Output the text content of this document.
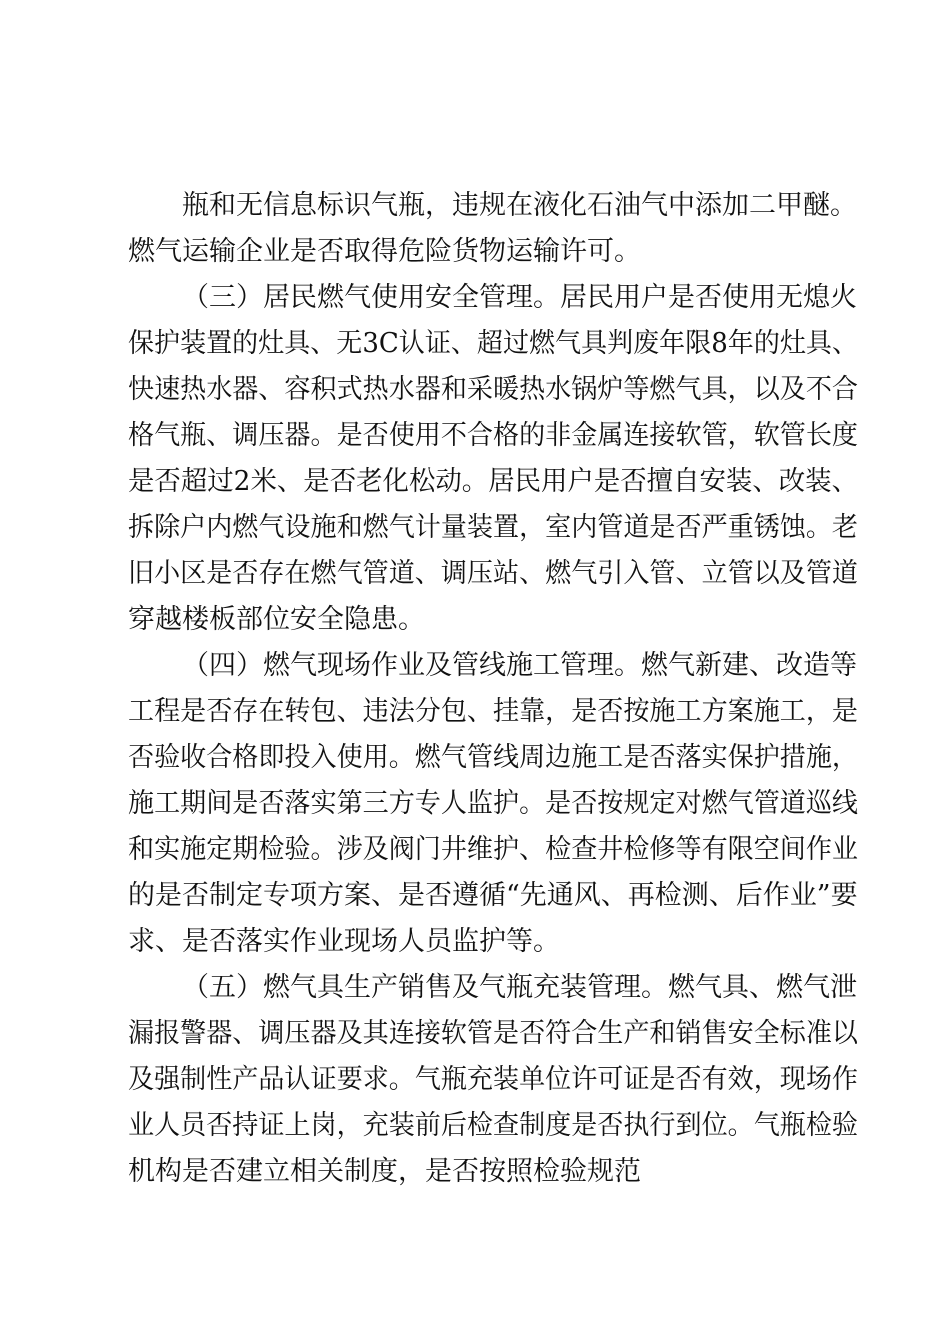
瓶和无信息标识气瓶，违规在液化石油气中添加二甲醚。
燃气运输企业是否取得危险货物运输许可。
（三）居民燃气使用安全管理。居民用户是否使用无熄火
保护装置的灶具、无3C认证、超过燃气具判废年限8年的灶具、
快速热水器、容积式热水器和采暖热水锅炉等燃气具，以及不合
格气瓶、调压器。是否使用不合格的非金属连接软管，软管长度
是否超过2米、是否老化松动。居民用户是否擅自安装、改装、
拆除户内燃气设施和燃气计量装置，室内管道是否严重锈蚀。老
旧小区是否存在燃气管道、调压站、燃气引入管、立管以及管道
穿越楼板部位安全隐患。
（四）燃气现场作业及管线施工管理。燃气新建、改造等
工程是否存在转包、违法分包、挂靠，是否按施工方案施工，是
否验收合格即投入使用。燃气管线周边施工是否落实保护措施，
施工期间是否落实第三方专人监护。是否按规定对燃气管道巡线
和实施定期检验。涉及阀门井维护、检查井检修等有限空间作业
的是否制定专项方案、是否遵循“先通风、再检测、后作业”要
求、是否落实作业现场人员监护等。
（五）燃气具生产销售及气瓶充装管理。燃气具、燃气泄
漏报警器、调压器及其连接软管是否符合生产和销售安全标准以
及强制性产品认证要求。气瓶充装单位许可证是否有效，现场作
业人员否持证上岗，充装前后检查制度是否执行到位。气瓶检验
机构是否建立相关制度，是否按照检验规范
